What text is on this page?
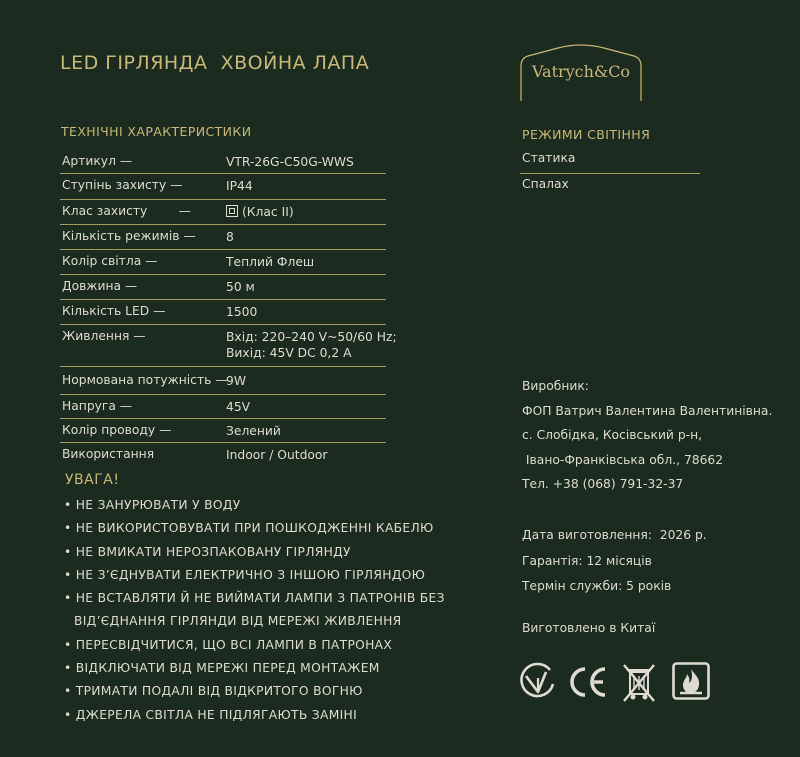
LED ГІРЛЯНДА  ХВОЙНА ЛАПА	Vatrych&Co
ТЕХНІЧНІ ХАРАКТЕРИСТИКИ
Артикул —	VTR-26G-C50G-WWS
Ступінь захисту —	IP44
Клас захисту        —	(Клас II)
Кількість режимів — 8
Колір світла —	Теплий Флеш
Довжина —	50 м
Кількість LED —	1500
Живлення —	Вхід: 220–240 V~50/60 Hz;
Вихід: 45V DC 0,2 A
Нормована потужність —
9W
Напруга —	45V
Колір проводу —	Зелений
Використання	Indoor / Outdoor
РЕЖИМИ СВІТІННЯ
Статика
Спалах
УВАГА!
• НЕ ЗАНУРЮВАТИ У ВОДУ
• НЕ ВИКОРИСТОВУВАТИ ПРИ ПОШКОДЖЕННІ КАБЕЛЮ
• НЕ ВМИКАТИ НЕРОЗПАКОВАНУ ГІРЛЯНДУ
• НЕ З’ЄДНУВАТИ ЕЛЕКТРИЧНО З ІНШОЮ ГІРЛЯНДОЮ
• НЕ ВСТАВЛЯТИ Й НЕ ВИЙМАТИ ЛАМПИ З ПАТРОНІВ БЕЗ
ВІД’ЄДНАННЯ ГІРЛЯНДИ ВІД МЕРЕЖІ ЖИВЛЕННЯ
• ПЕРЕСВІДЧИТИСЯ, ЩО ВСІ ЛАМПИ В ПАТРОНАХ
• ВІДКЛЮЧАТИ ВІД МЕРЕЖІ ПЕРЕД МОНТАЖЕМ
• ТРИМАТИ ПОДАЛІ ВІД ВІДКРИТОГО ВОГНЮ
• ДЖЕРЕЛА СВІТЛА НЕ ПІДЛЯГАЮТЬ ЗАМІНІ
Виробник:
ФОП Ватрич Валентина Валентинівна.
с. Слобідка, Косівський р-н,
Івано-Франківська обл., 78662
Тел. +38 (068) 791-32-37
Дата виготовлення:  2026 р.
Гарантія: 12 місяців
Термін служби: 5 років
Виготовлено в Китаї
